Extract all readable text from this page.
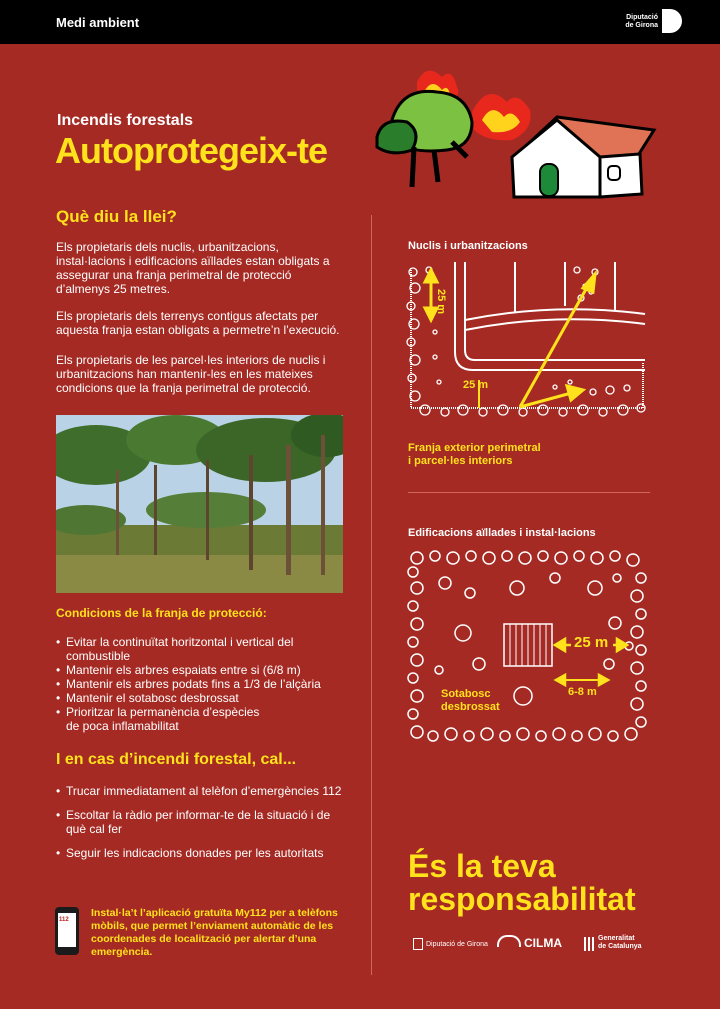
Medi ambient	Diputació
de Girona
Incendis forestals
Autoprotegeix-te
Què diu la llei?

Els propietaris dels nuclis, urbanitzacions, instal·lacions i edificacions aïllades estan obligats a assegurar una franja perimetral de protecció d’almenys 25 metres.

Els propietaris dels terrenys contigus afectats per aquesta franja estan obligats a permetre’n l’execució.

Els propietaris de les parcel·les interiors de nuclis i urbanitzacions han mantenir-les en les mateixes condicions que la franja perimetral de protecció.

Condicions de la franja de protecció:
• Evitar la continuïtat horitzontal i vertical del combustible
• Mantenir els arbres espaiats entre si (6/8 m)
• Mantenir els arbres podats fins a 1/3 de l’alçària
• Mantenir el sotabosc desbrossat
• Prioritzar la permanència d’espècies de poca inflamabilitat
I en cas d’incendi forestal, cal...
• Trucar immediatament al telèfon d’emergències 112
• Escoltar la ràdio per informar-te de la situació i de què cal fer
• Seguir les indicacions donades per les autoritats
Nuclis i urbanitzacions
25 m
25 m
Franja exterior perimetral
i parcel·les interiors
Edificacions aïllades i instal·lacions
25 m
6-8 m
Sotabosc
desbrossat
És la teva
responsabilitat
112
Instal·la’t l’aplicació gratuïta My112 per a telèfons mòbils, que permet l’enviament automàtic de les coordenades de localització per alertar d’una emergència.
Diputació de Girona	CILMA	Generalitat
de Catalunya
